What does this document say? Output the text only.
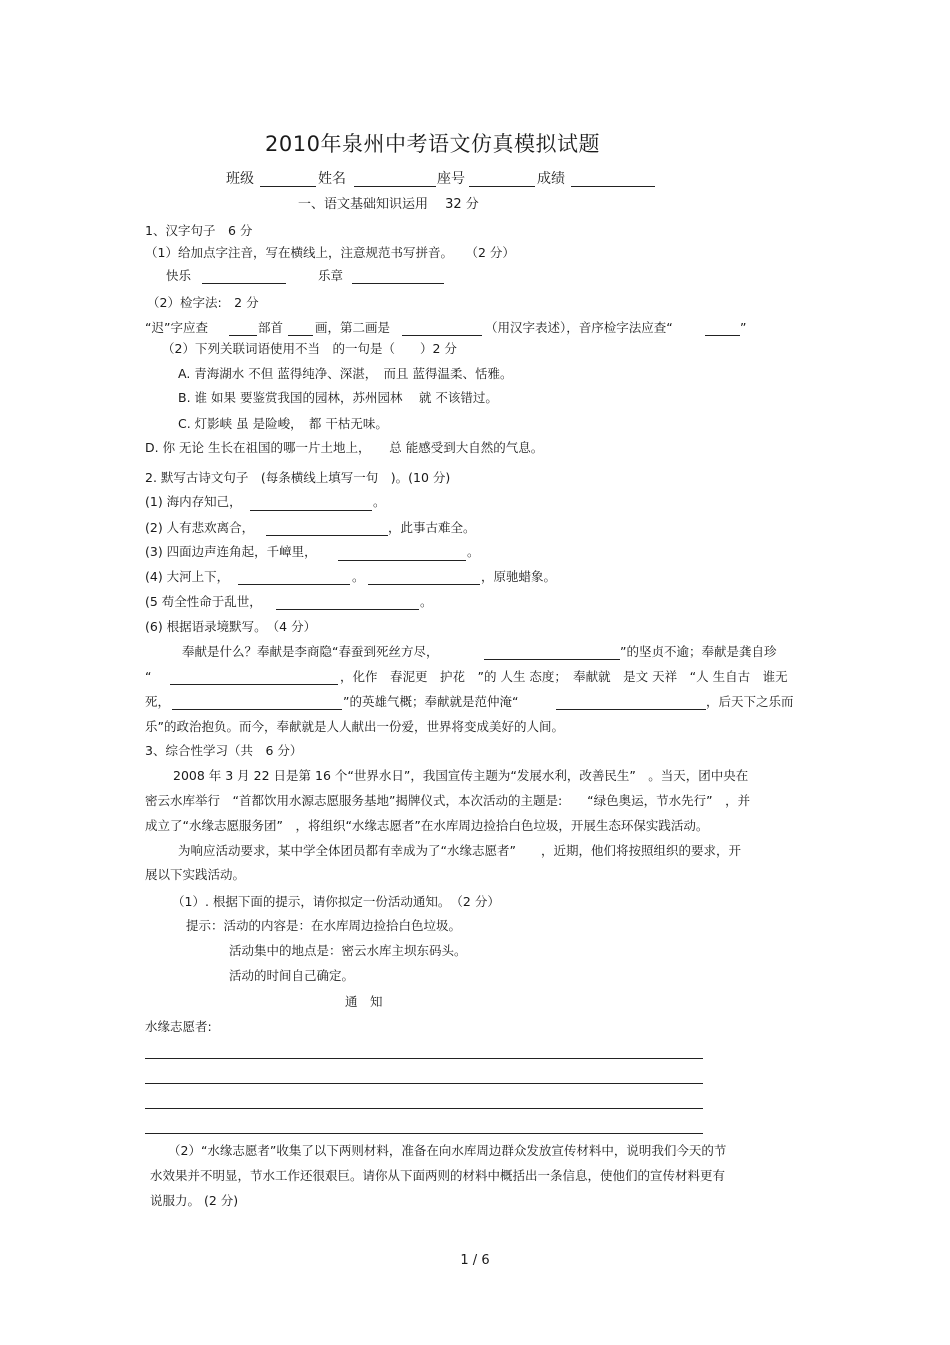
2010年泉州中考语文仿真模拟试题
班级	姓名	座号	成绩
一、语文基础知识运用　 32 分
1、汉字句子　6 分
（1）给加点字注音，写在横线上，注意规范书写拼音。　　（2 分）
快乐	乐章
（2）检字法:　2 分
“迟”字应查	部首	画，第二画是	（用汉字表述），音序检字法应查“	”
（2）下列关联词语使用不当　的一句是（　　）2 分
A. 青海湖水 不但 蓝得纯净、深湛，　而且 蓝得温柔、恬雅。
B. 谁 如果 要鉴赏我国的园林，苏州园林　 就 不该错过。
C. 灯影峡 虽 是险峻，　都 干枯无味。
D. 你 无论 生长在祖国的哪一片土地上，　　总 能感受到大自然的气息。
2. 默写古诗文句子　(每条横线上填写一句　)。(10 分)
(1) 海内存知己，	。
(2) 人有悲欢离合，	，此事古难全。
(3) 四面边声连角起，千嶂里，	。
(4) 大河上下，	。	，原驰蜡象。
(5 苟全性命于乱世，	。
(6) 根据语录境默写。　（4 分）
奉献是什么？奉献是李商隐“春蚕到死丝方尽，	”的坚贞不逾；奉献是龚自珍
“	，化作　春泥更　护花　”的 人生 态度；　奉献就　是文 天祥　“人 生自古　谁无
死，	”的英雄气概；奉献就是范仲淹“	，后天下之乐而
乐”的政治抱负。而今，奉献就是人人献出一份爱，世界将变成美好的人间。
3、综合性学习（共　6 分）
2008 年 3 月 22 日是第 16 个“世界水日”，我国宣传主题为“发展水利，改善民生”　。当天，团中央在
密云水库举行　“首都饮用水源志愿服务基地”揭牌仪式，本次活动的主题是:　　“绿色奥运，节水先行”　，并
成立了“水缘志愿服务团”　，将组织“水缘志愿者”在水库周边捡拾白色垃圾，开展生态环保实践活动。
为响应活动要求，某中学全体团员都有幸成为了“水缘志愿者”　　，近期，他们将按照组织的要求，开
展以下实践活动。
（1）. 根据下面的提示，请你拟定一份活动通知。　（2 分）
提示：活动的内容是：在水库周边捡拾白色垃圾。
活动集中的地点是：密云水库主坝东码头。
活动的时间自己确定。
通　知
水缘志愿者:
（2）“水缘志愿者”收集了以下两则材料，准备在向水库周边群众发放宣传材料中，说明我们今天的节
水效果并不明显，节水工作还很艰巨。请你从下面两则的材料中概括出一条信息，使他们的宣传材料更有
说服力。 (2 分)
1 / 6
